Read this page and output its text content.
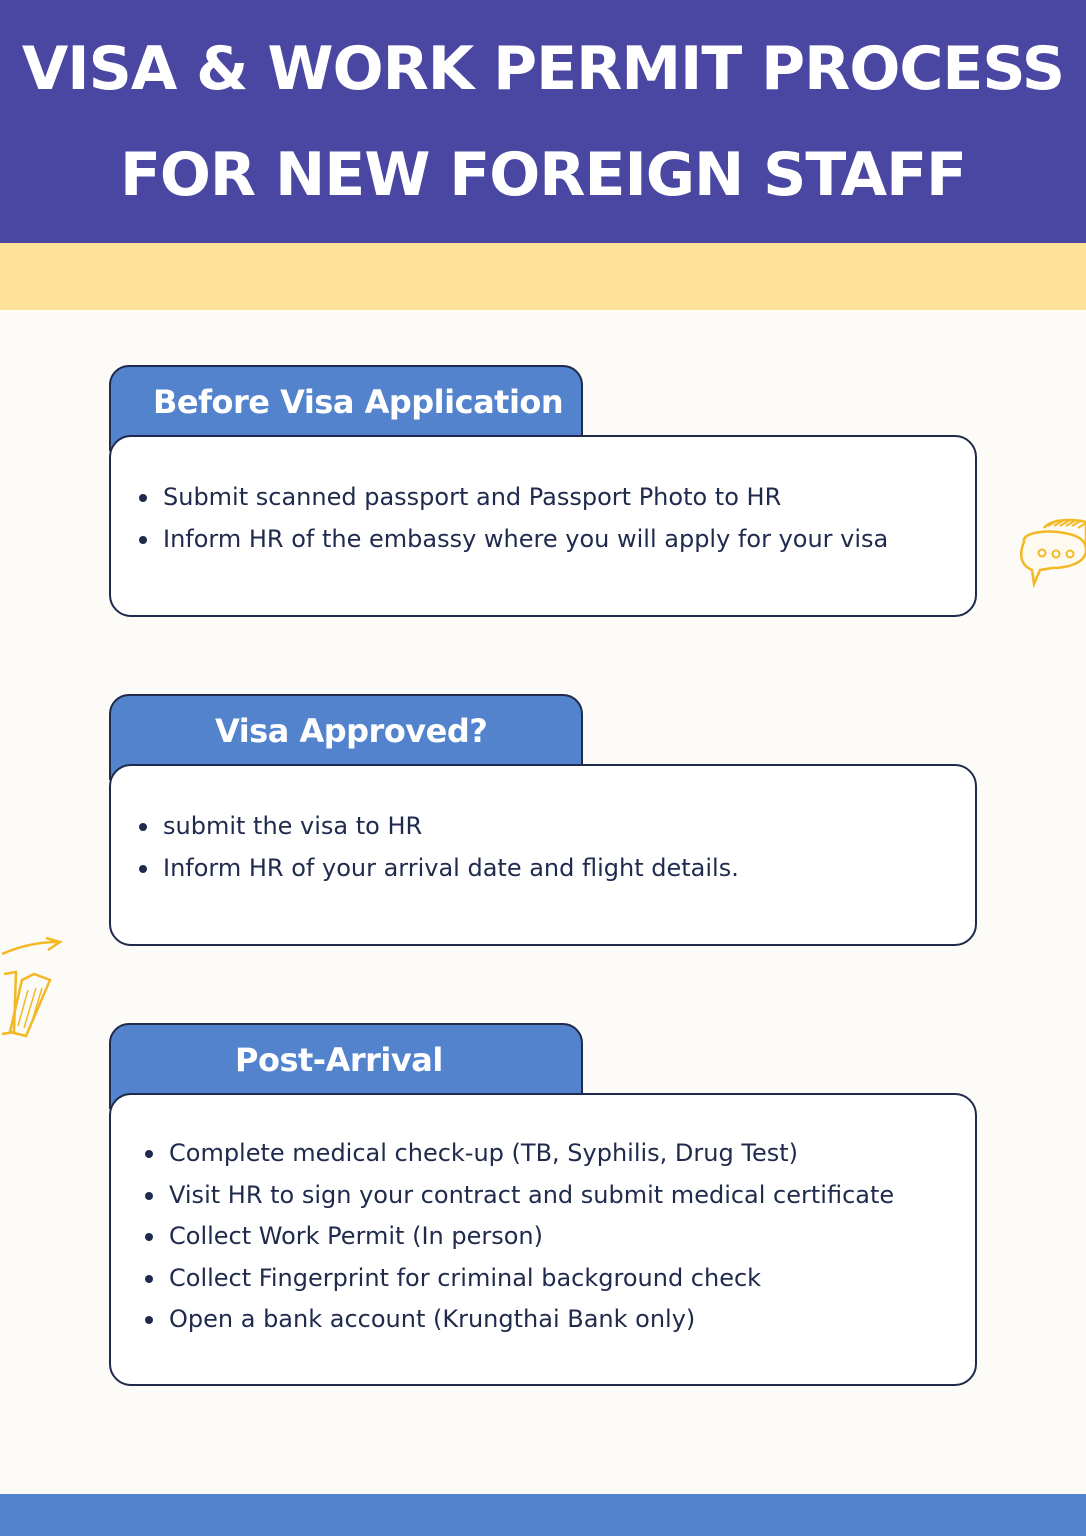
VISA & WORK PERMIT PROCESS
FOR NEW FOREIGN STAFF
Before Visa Application
Submit scanned passport and Passport Photo to HR
Inform HR of the embassy where you will apply for your visa
Visa Approved?
submit the visa to HR
Inform HR of your arrival date and flight details.
Post-Arrival
Complete medical check-up (TB, Syphilis, Drug Test)
Visit HR to sign your contract and submit medical certificate
Collect Work Permit (In person)
Collect Fingerprint for criminal background check
Open a bank account (Krungthai Bank only)
